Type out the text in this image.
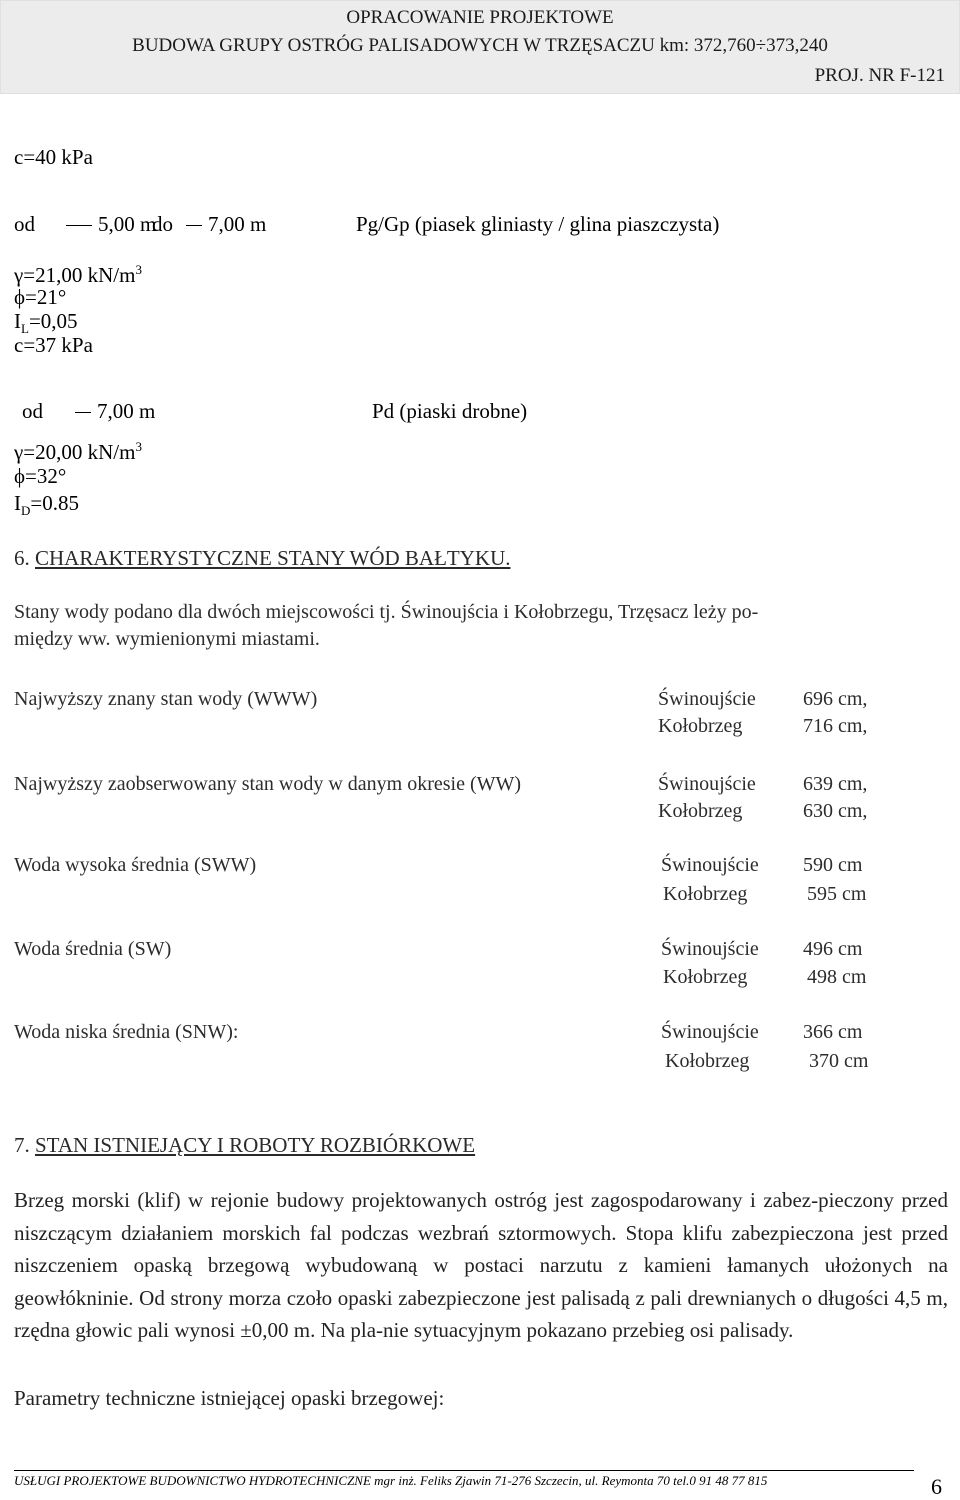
OPRACOWANIE PROJEKTOWE
BUDOWA GRUPY OSTRÓG PALISADOWYCH W TRZĘSACZU km: 372,760÷373,240
PROJ. NR F-121
c=40 kPa
od	5,00 m
do 7,00 m	Pg/Gp (piasek gliniasty / glina piaszczysta)
γ=21,00 $kN/m^3$
ϕ=21°
$I_L=0,05$
c=37 kPa
od	7,00 m	Pd (piaski drobne)
γ=20,00 $kN/m^3$
ϕ=32°
$I_D=0.85$
6. CHARAKTERYSTYCZNE STANY WÓD BAŁTYKU.
Stany wody podano dla dwóch miejscowości tj. Świnoujścia i Kołobrzegu, Trzęsacz leży po-
między ww. wymienionymi miastami.
Najwyższy znany stan wody (WWW)	Świnoujście 696 cm,
Kołobrzeg	716 cm,
Najwyższy zaobserwowany stan wody w danym okresie (WW)	Świnoujście 639 cm,
Kołobrzeg	630 cm,
Woda wysoka średnia (SWW)	Świnoujście 590 cm
Kołobrzeg	595 cm
Woda średnia (SW)	Świnoujście 496 cm
Kołobrzeg	498 cm
Woda niska średnia (SNW):	Świnoujście 366 cm
Kołobrzeg	370 cm
7. STAN ISTNIEJĄCY I ROBOTY ROZBIÓRKOWE
Brzeg morski (klif) w rejonie budowy projektowanych ostróg jest zagospodarowany i zabez-pieczony przed niszczącym działaniem morskich fal podczas wezbrań sztormowych. Stopa klifu zabezpieczona jest przed niszczeniem opaską brzegową wybudowaną w postaci narzutu z kamieni łamanych ułożonych na geowłókninie. Od strony morza czoło opaski zabezpieczone jest palisadą z pali drewnianych o długości 4,5 m, rzędna głowic pali wynosi ±0,00 m. Na pla-nie sytuacyjnym pokazano przebieg osi palisady.
Parametry techniczne istniejącej opaski brzegowej:
USŁUGI PROJEKTOWE BUDOWNICTWO HYDROTECHNICZNE mgr inż. Feliks Zjawin 71-276 Szczecin, ul. Reymonta 70 tel.0 91 48 77 815	6
